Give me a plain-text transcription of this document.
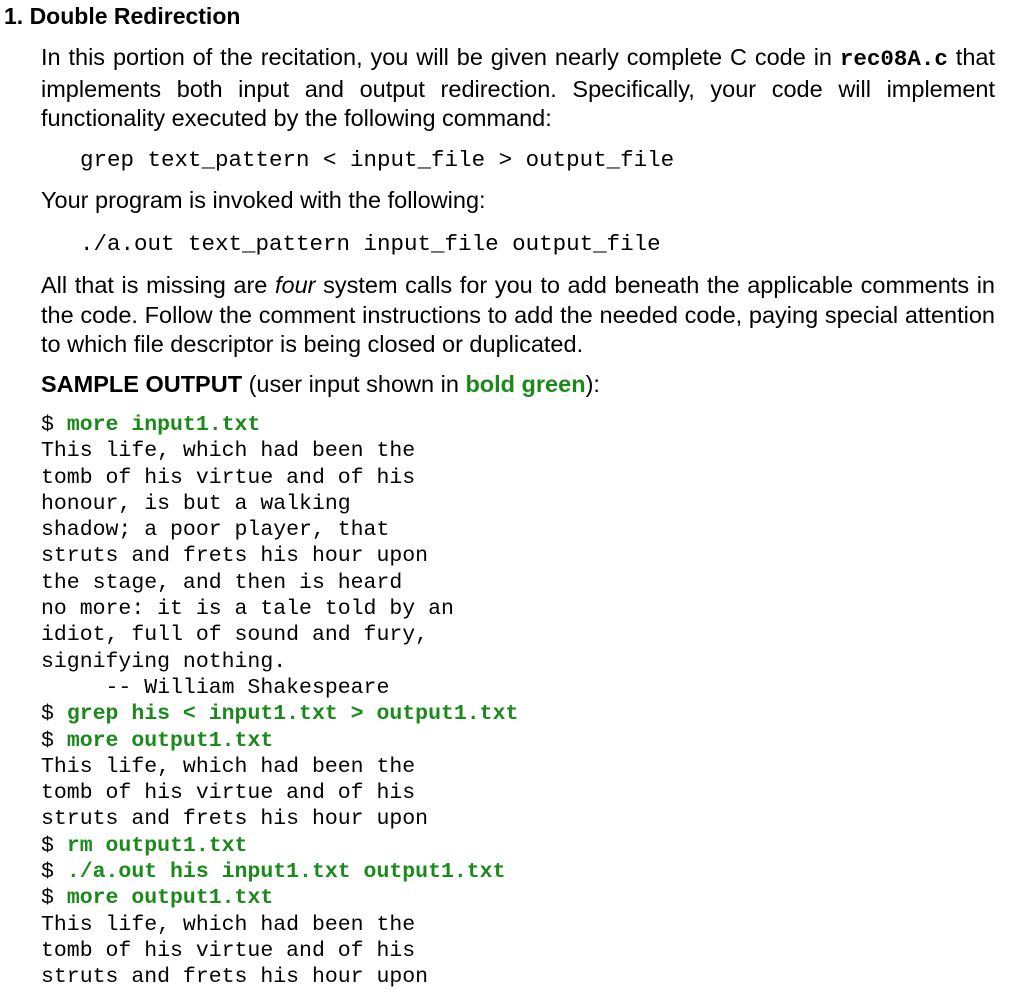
1. Double Redirection
In this portion of the recitation, you will be given nearly complete C code in rec08A.c that implements both input and output redirection. Specifically, your code will implement functionality executed by the following command:
grep text_pattern < input_file > output_file
Your program is invoked with the following:
./a.out text_pattern input_file output_file
All that is missing are four system calls for you to add beneath the applicable comments in the code. Follow the comment instructions to add the needed code, paying special attention to which file descriptor is being closed or duplicated.
SAMPLE OUTPUT (user input shown in bold green):
$ more input1.txt
This life, which had been the
tomb of his virtue and of his
honour, is but a walking
shadow; a poor player, that
struts and frets his hour upon
the stage, and then is heard
no more: it is a tale told by an
idiot, full of sound and fury,
signifying nothing.
-- William Shakespeare
$ grep his < input1.txt > output1.txt
$ more output1.txt
This life, which had been the
tomb of his virtue and of his
struts and frets his hour upon
$ rm output1.txt
$ ./a.out his input1.txt output1.txt
$ more output1.txt
This life, which had been the
tomb of his virtue and of his
struts and frets his hour upon
